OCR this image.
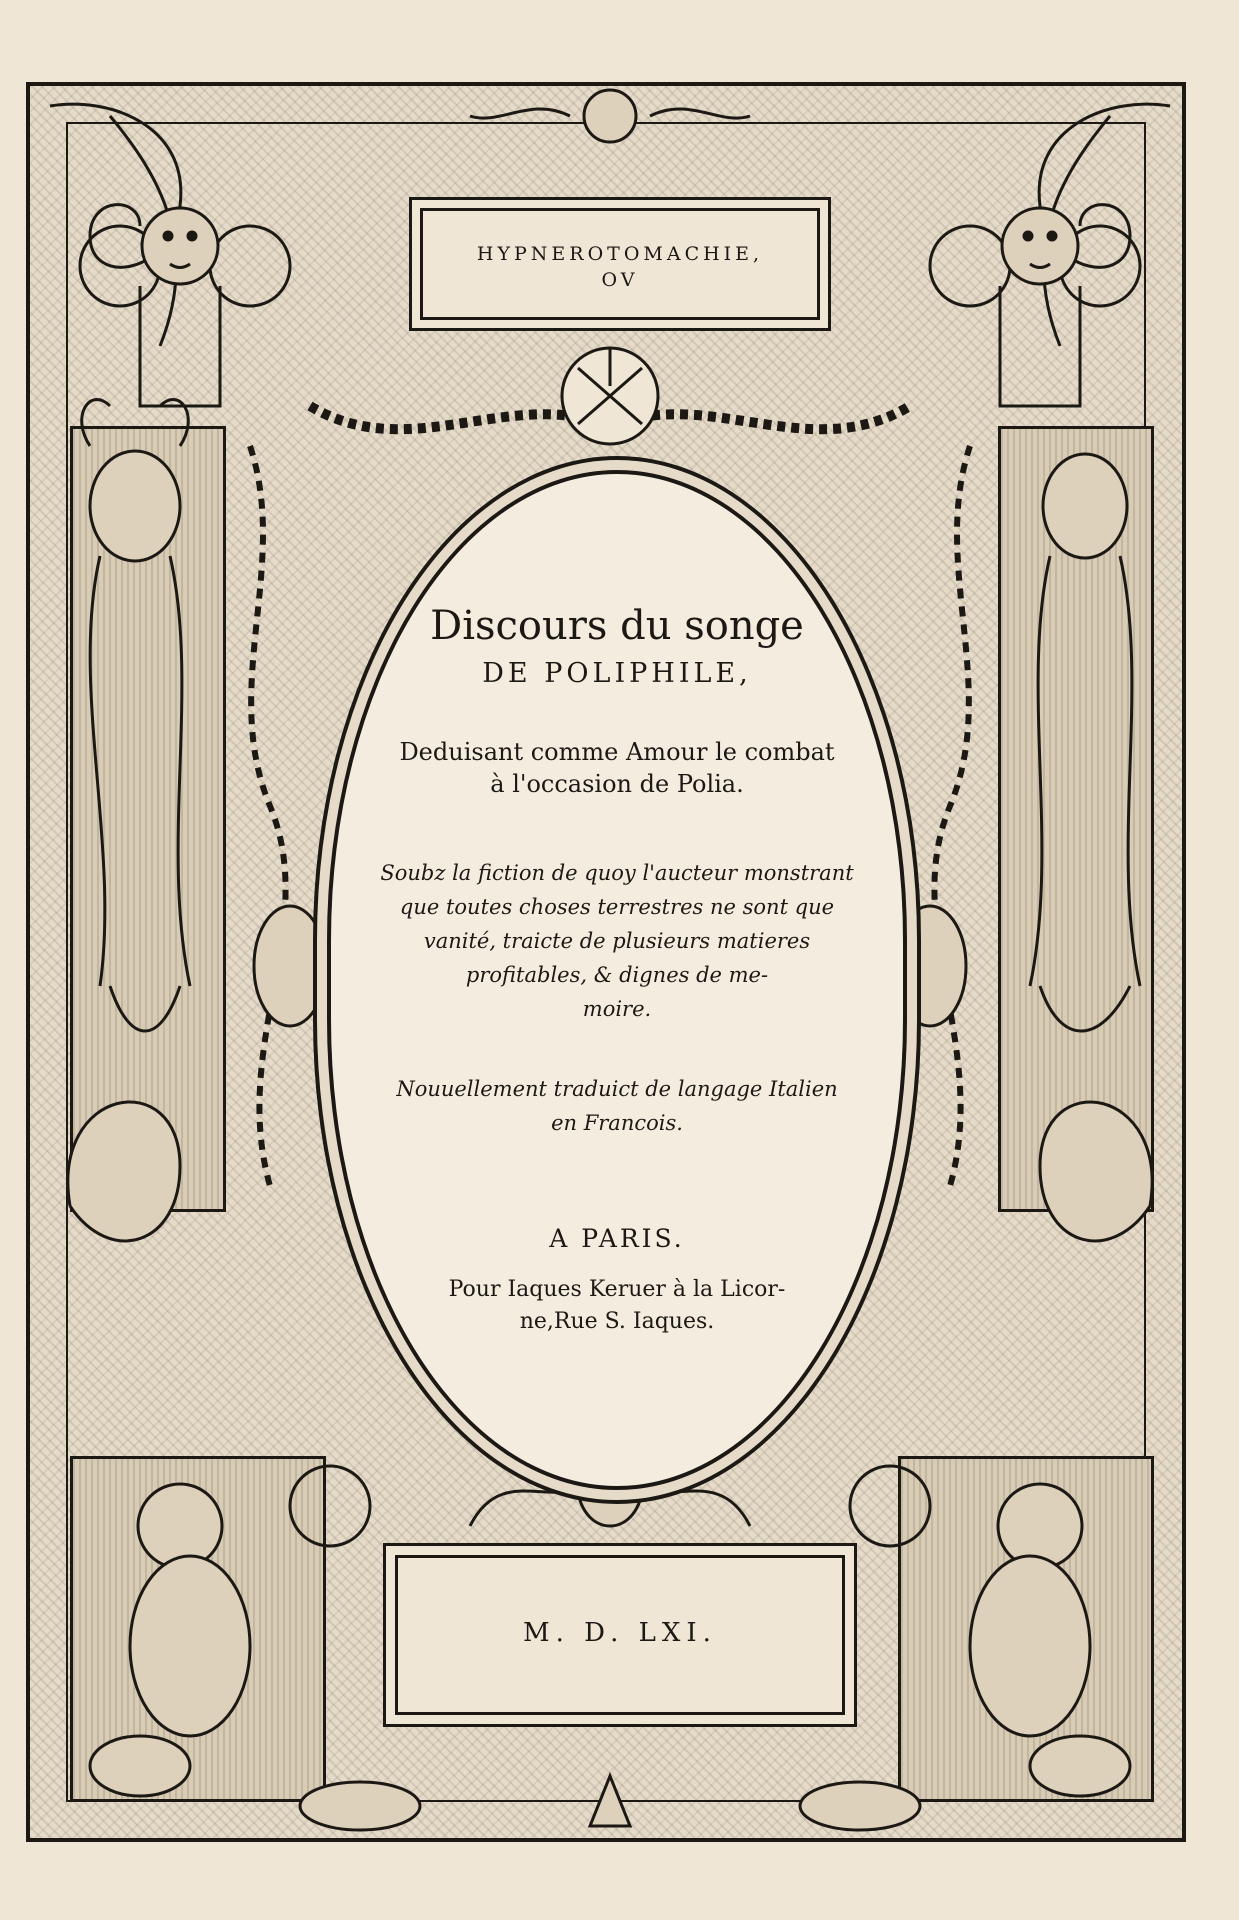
HYPNEROTOMACHIE,
OV
Discours du songe
DE POLIPHILE,
Deduisant comme Amour le combat
à l'occasion de Polia.
Soubz la fiction de quoy l'aucteur monstrant
que toutes choses terrestres ne sont que
vanité, traicte de plusieurs matieres
profitables, & dignes de me-
moire.
Nouuellement traduict de langage Italien
en Francois.
A PARIS.
Pour Iaques Keruer à la Licor-
ne,Rue S. Iaques.
M. D. LXI.
